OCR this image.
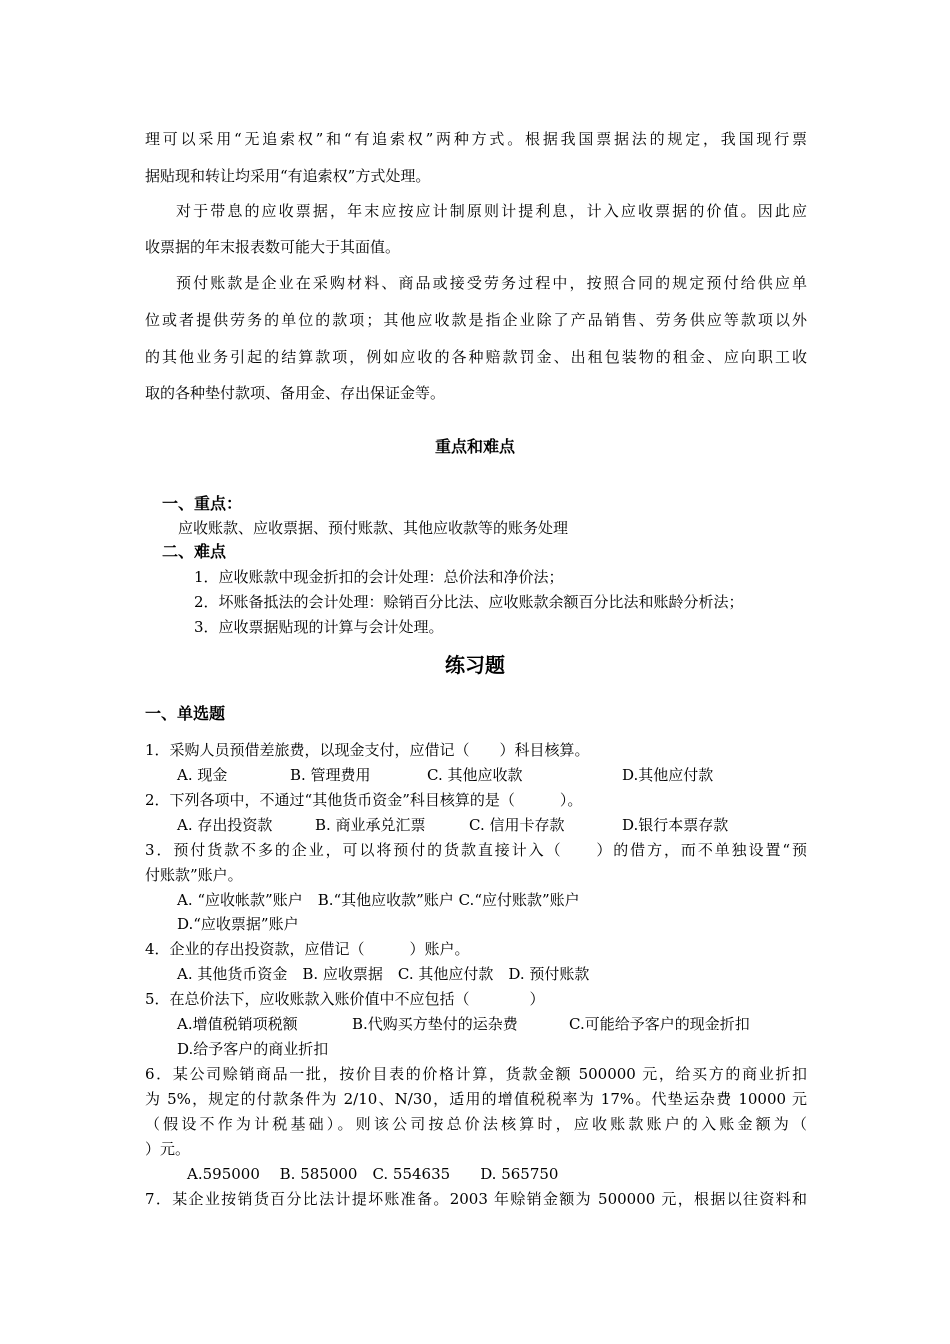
理可以采用“无追索权”和“有追索权”两种方式。根据我国票据法的规定，我国现行票
据贴现和转让均采用“有追索权”方式处理。
对于带息的应收票据，年末应按应计制原则计提利息，计入应收票据的价值。因此应
收票据的年末报表数可能大于其面值。
预付账款是企业在采购材料、商品或接受劳务过程中，按照合同的规定预付给供应单
位或者提供劳务的单位的款项；其他应收款是指企业除了产品销售、劳务供应等款项以外
的其他业务引起的结算款项，例如应收的各种赔款罚金、出租包装物的租金、应向职工收
取的各种垫付款项、备用金、存出保证金等。
重点和难点
一、重点：
应收账款、应收票据、预付账款、其他应收款等的账务处理
二、难点
1．应收账款中现金折扣的会计处理：总价法和净价法；
2．坏账备抵法的会计处理：赊销百分比法、应收账款余额百分比法和账龄分析法；
3．应收票据贴现的计算与会计处理。
练习题
一、单选题
1．采购人员预借差旅费，以现金支付，应借记（　　）科目核算。
A. 现金	B. 管理费用	C. 其他应收款	D.其他应付款
2．下列各项中，不通过“其他货币资金”科目核算的是（　　　）。
A. 存出投资款	B. 商业承兑汇票	C. 信用卡存款	D.银行本票存款
3．预付货款不多的企业，可以将预付的货款直接计入（　　）的借方，而不单独设置“预
付账款”账户。
A. “应收帐款”账户　B.“其他应收款”账户 C.“应付账款”账户
D.“应收票据”账户
4．企业的存出投资款，应借记（　　　）账户。
A. 其他货币资金　B. 应收票据　C. 其他应付款　D. 预付账款
5．在总价法下，应收账款入账价值中不应包括（　　　　）
A.增值税销项税额	B.代购买方垫付的运杂费	C.可能给予客户的现金折扣
D.给予客户的商业折扣
6．某公司赊销商品一批，按价目表的价格计算，货款金额 500000 元，给买方的商业折扣
为 5%，规定的付款条件为 2/10、N/30，适用的增值税税率为 17%。代垫运杂费 10000 元
（假设不作为计税基础）。则该公司按总价法核算时，应收账款账户的入账金额为（
）元。
A.595000　 B. 585000　C. 554635　　D. 565750
7．某企业按销货百分比法计提坏账准备。2003 年赊销金额为 500000 元，根据以往资料和
